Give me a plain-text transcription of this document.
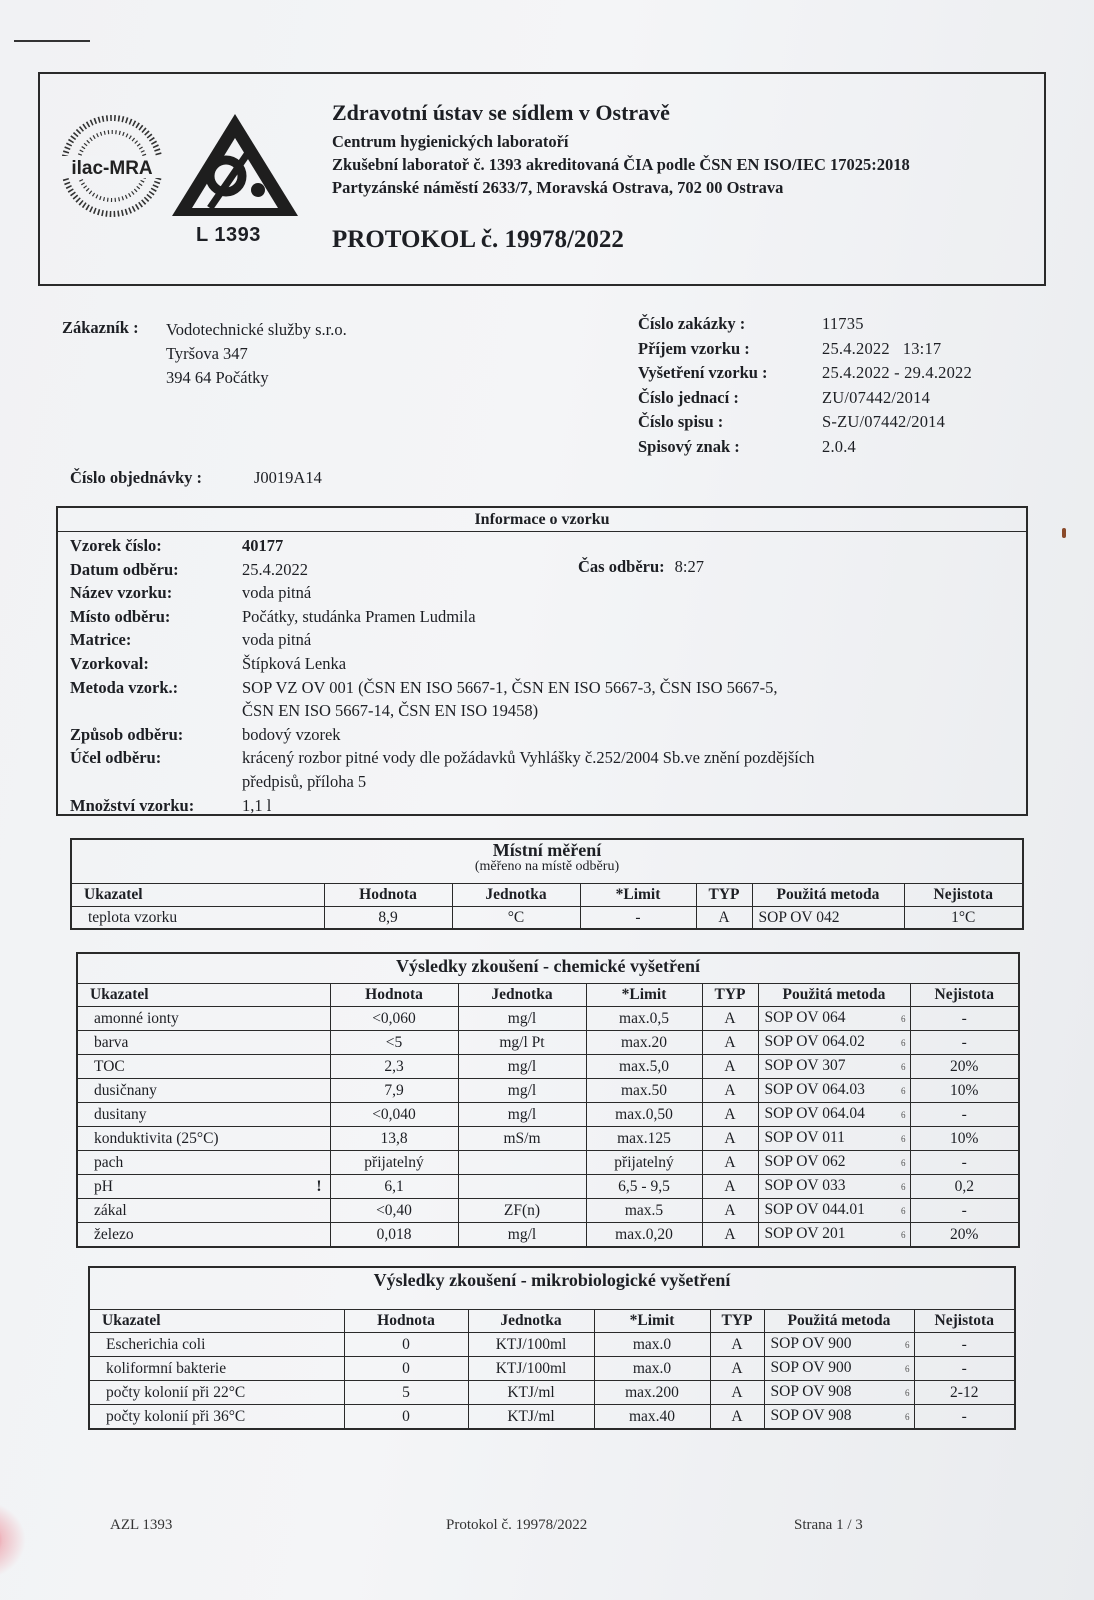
ilac-MRA
L 1393
Zdravotní ústav se sídlem v Ostravě
Centrum hygienických laboratoří
Zkušební laboratoř č. 1393 akreditovaná ČIA podle ČSN EN ISO/IEC 17025:2018
Partyzánské náměstí 2633/7, Moravská Ostrava, 702 00 Ostrava
PROTOKOL č. 19978/2022
Zákazník : Vodotechnické služby s.r.o.
Tyršova 347
394 64 Počátky
Číslo zakázky :	11735
Příjem vzorku :	25.4.2022   13:17
Vyšetření vzorku :	25.4.2022 - 29.4.2022
Číslo jednací :	ZU/07442/2014
Číslo spisu :	S-ZU/07442/2014
Spisový znak :	2.0.4
Číslo objednávky :	J0019A14
Informace o vzorku
Vzorek číslo:	40177
Datum odběru:	25.4.2022
Název vzorku:	voda pitná
Místo odběru:	Počátky, studánka Pramen Ludmila
Matrice:	voda pitná
Vzorkoval:	Štípková Lenka
Metoda vzork.:	SOP VZ OV 001 (ČSN EN ISO 5667-1, ČSN EN ISO 5667-3, ČSN ISO 5667-5,
ČSN EN ISO 5667-14, ČSN EN ISO 19458)
Způsob odběru:	bodový vzorek
Účel odběru:	krácený rozbor pitné vody dle požádavků Vyhlášky č.252/2004 Sb.ve znění pozdějších
předpisů, příloha 5
Množství vzorku:	1,1 l
Čas odběru: 8:27
Místní měření
(měřeno na místě odběru)
Ukazatel	Hodnota	Jednotka	*Limit	TYP	Použitá metoda	Nejistota
teplota vzorku	8,9	°C	-	A	SOP OV 042	1°C
Výsledky zkoušení - chemické vyšetření
Ukazatel	Hodnota	Jednotka	*Limit	TYP	Použitá metoda	Nejistota
amonné ionty	<0,060	mg/l	max.0,5	A	SOP OV 064 6	-
barva	<5	mg/l Pt	max.20	A	SOP OV 064.02 6	-
TOC	2,3	mg/l	max.5,0	A	SOP OV 307 6	20%
dusičnany	7,9	mg/l	max.50	A	SOP OV 064.03 6	10%
dusitany	<0,040	mg/l	max.0,50	A	SOP OV 064.04 6	-
konduktivita (25°C)	13,8	mS/m	max.125	A	SOP OV 011 6	10%
pach	přijatelný		přijatelný	A	SOP OV 062 6	-
pH !	6,1		6,5 - 9,5	A	SOP OV 033 6	0,2
zákal	<0,40	ZF(n)	max.5	A	SOP OV 044.01 6	-
železo	0,018	mg/l	max.0,20	A	SOP OV 201 6	20%
Výsledky zkoušení - mikrobiologické vyšetření
Ukazatel	Hodnota	Jednotka	*Limit	TYP	Použitá metoda	Nejistota
Escherichia coli	0	KTJ/100ml	max.0	A	SOP OV 900 6	-
koliformní bakterie	0	KTJ/100ml	max.0	A	SOP OV 900 6	-
počty kolonií při 22°C	5	KTJ/ml	max.200	A	SOP OV 908 6	2-12
počty kolonií při 36°C	0	KTJ/ml	max.40	A	SOP OV 908 6	-
AZL 1393	Protokol č. 19978/2022	Strana 1 / 3
